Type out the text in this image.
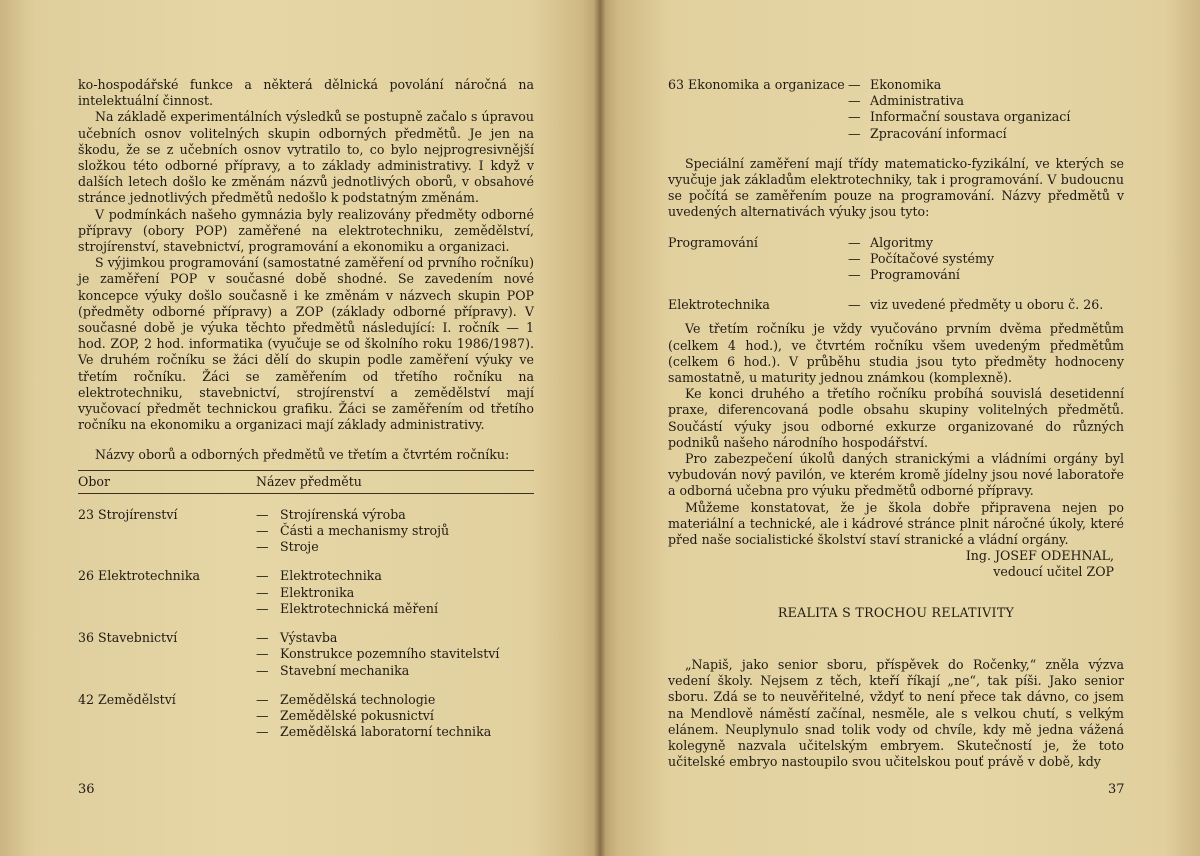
ko-hospodářské funkce a některá dělnická povolání náročná na intelektuální činnost.

Na základě experimentálních výsledků se postupně začalo s úpravou učebních osnov volitelných skupin odborných předmětů. Je jen na škodu, že se z učebních osnov vytratilo to, co bylo nejprogresivnější složkou této odborné přípravy, a to základy administrativy. I když v dalších letech došlo ke změnám názvů jednotlivých oborů, v obsahové stránce jednotlivých předmětů nedošlo k podstatným změnám.

V podmínkách našeho gymnázia byly realizovány předměty odborné přípravy (obory POP) zaměřené na elektrotechniku, zemědělství, strojírenství, stavebnictví, programování a ekonomiku a organizaci.

S výjimkou programování (samostatné zaměření od prvního ročníku) je zaměření POP v současné době shodné. Se zavedením nové koncepce výuky došlo současně i ke změnám v názvech skupin POP (předměty odborné přípravy) a ZOP (základy odborné přípravy). V současné době je výuka těchto předmětů následující: I. ročník — 1 hod. ZOP, 2 hod. informatika (vyučuje se od školního roku 1986/1987). Ve druhém ročníku se žáci dělí do skupin podle zaměření výuky ve třetím ročníku. Žáci se zaměřením od třetího ročníku na elektrotechniku, stavebnictví, strojírenství a zemědělství mají vyučovací předmět technickou grafiku. Žáci se zaměřením od třetího ročníku na ekonomiku a organizaci mají základy administrativy.

Názvy oborů a odborných předmětů ve třetím a čtvrtém ročníku:

Obor	Název předmětu
23 Strojírenství	— Strojírenská výroba
— Části a mechanismy strojů
— Stroje
26 Elektrotechnika	— Elektrotechnika
— Elektronika
— Elektrotechnická měření
36 Stavebnictví	— Výstavba
— Konstrukce pozemního stavitelství
— Stavební mechanika
42 Zemědělství	— Zemědělská technologie
— Zemědělské pokusnictví
— Zemědělská laboratorní technika
36
63 Ekonomika a organizace — Ekonomika
— Administrativa
— Informační soustava organizací
— Zpracování informací

Speciální zaměření mají třídy matematicko-fyzikální, ve kterých se vyučuje jak základům elektrotechniky, tak i programování. V budoucnu se počítá se zaměřením pouze na programování. Názvy předmětů v uvedených alternativách výuky jsou tyto:

Programování	— Algoritmy
— Počítačové systémy
— Programování
Elektrotechnika	— viz uvedené předměty u oboru č. 26.

Ve třetím ročníku je vždy vyučováno prvním dvěma předmětům (celkem 4 hod.), ve čtvrtém ročníku všem uvedeným předmětům (celkem 6 hod.). V průběhu studia jsou tyto předměty hodnoceny samostatně, u maturity jednou známkou (komplexně).

Ke konci druhého a třetího ročníku probíhá souvislá desetidenní praxe, diferencovaná podle obsahu skupiny volitelných předmětů. Součástí výuky jsou odborné exkurze organizované do různých podniků našeho národního hospodářství.

Pro zabezpečení úkolů daných stranickými a vládními orgány byl vybudován nový pavilón, ve kterém kromě jídelny jsou nové laboratoře a odborná učebna pro výuku předmětů odborné přípravy.

Můžeme konstatovat, že je škola dobře připravena nejen po materiální a technické, ale i kádrové stránce plnit náročné úkoly, které před naše socialistické školství staví stranické a vládní orgány.

Ing. JOSEF ODEHNAL,
vedoucí učitel ZOP
REALITA S TROCHOU RELATIVITY

„Napiš, jako senior sboru, příspěvek do Ročenky,“ zněla výzva vedení školy. Nejsem z těch, kteří říkají „ne“, tak píši. Jako senior sboru. Zdá se to neuvěřitelné, vždyť to není přece tak dávno, co jsem na Mendlově náměstí začínal, nesměle, ale s velkou chutí, s velkým elánem. Neuplynulo snad tolik vody od chvíle, kdy mě jedna vážená kolegyně nazvala učitelským embryem. Skutečností je, že toto učitelské embryo nastoupilo svou učitelskou pouť právě v době, kdy

37
